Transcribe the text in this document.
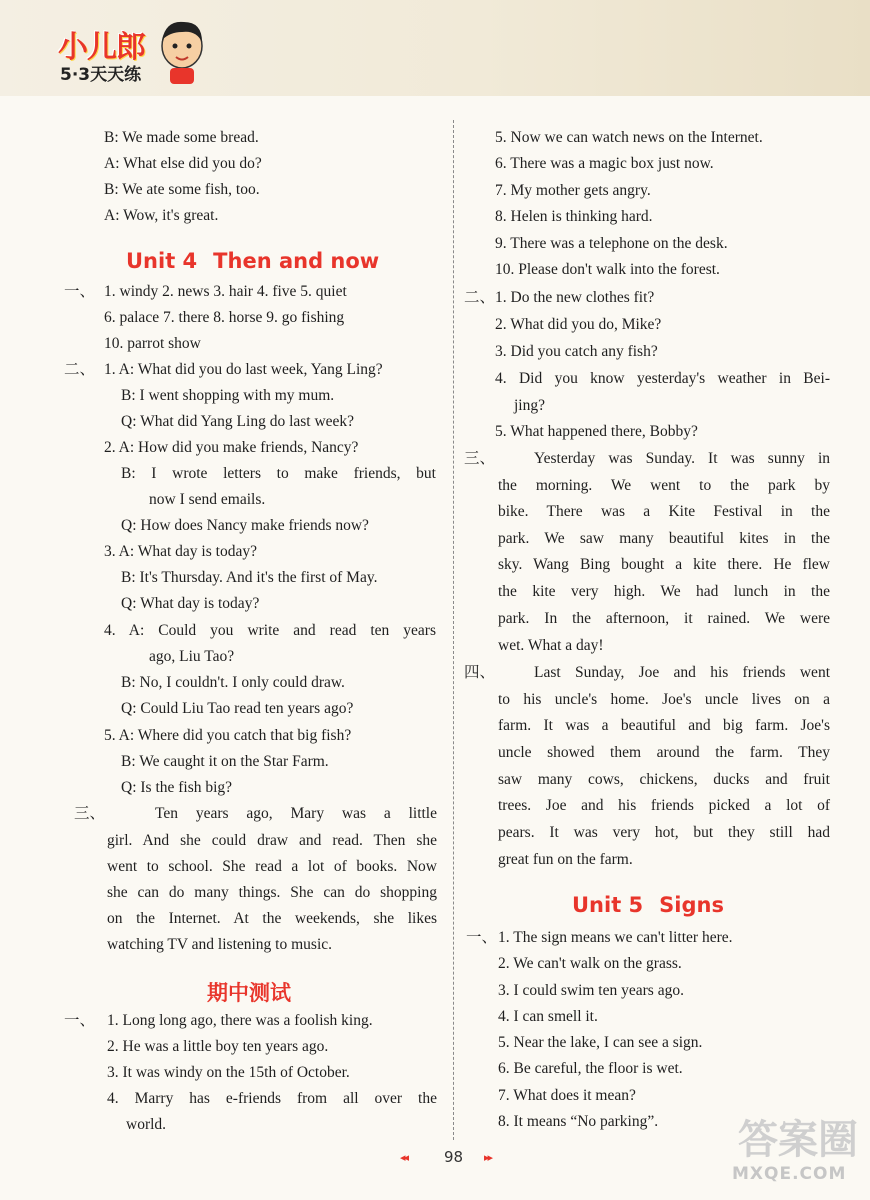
小儿郎
5·3天天练
B: We made some bread.
A: What else did you do?
B: We ate some fish, too.
A: Wow, it's great.
Unit 4 Then and now
一、 1. windy 2. news 3. hair 4. five 5. quiet
6. palace 7. there 8. horse 9. go fishing
10. parrot show
二、 1. A: What did you do last week, Yang Ling?
B: I went shopping with my mum.
Q: What did Yang Ling do last week?
2. A: How did you make friends, Nancy?
B: I wrote letters to make friends, but
now I send emails.
Q: How does Nancy make friends now?
3. A: What day is today?
B: It's Thursday. And it's the first of May.
Q: What day is today?
4. A: Could you write and read ten years
ago, Liu Tao?
B: No, I couldn't. I only could draw.
Q: Could Liu Tao read ten years ago?
5. A: Where did you catch that big fish?
B: We caught it on the Star Farm.
Q: Is the fish big?
三、	Ten years ago, Mary was a little
girl. And she could draw and read. Then she
went to school. She read a lot of books. Now
she can do many things. She can do shopping
on the Internet. At the weekends, she likes
watching TV and listening to music.
期中测试
一、 1. Long long ago, there was a foolish king.
2. He was a little boy ten years ago.
3. It was windy on the 15th of October.
4. Marry has e-friends from all over the
world.
5. Now we can watch news on the Internet.
6. There was a magic box just now.
7. My mother gets angry.
8. Helen is thinking hard.
9. There was a telephone on the desk.
10. Please don't walk into the forest.
二、 1. Do the new clothes fit?
2. What did you do, Mike?
3. Did you catch any fish?
4. Did you know yesterday's weather in Bei-
jing?
5. What happened there, Bobby?
三、	Yesterday was Sunday. It was sunny in
the morning. We went to the park by
bike. There was a Kite Festival in the
park. We saw many beautiful kites in the
sky. Wang Bing bought a kite there. He flew
the kite very high. We had lunch in the
park. In the afternoon, it rained. We were
wet. What a day!
四、	Last Sunday, Joe and his friends went
to his uncle's home. Joe's uncle lives on a
farm. It was a beautiful and big farm. Joe's
uncle showed them around the farm. They
saw many cows, chickens, ducks and fruit
trees. Joe and his friends picked a lot of
pears. It was very hot, but they still had
great fun on the farm.
Unit 5 Signs
一、 1. The sign means we can't litter here.
2. We can't walk on the grass.
3. I could swim ten years ago.
4. I can smell it.
5. Near the lake, I can see a sign.
6. Be careful, the floor is wet.
7. What does it mean?
8. It means “No parking”.
◂◂ 98 ▸▸	答案圈
MXQE.COM
